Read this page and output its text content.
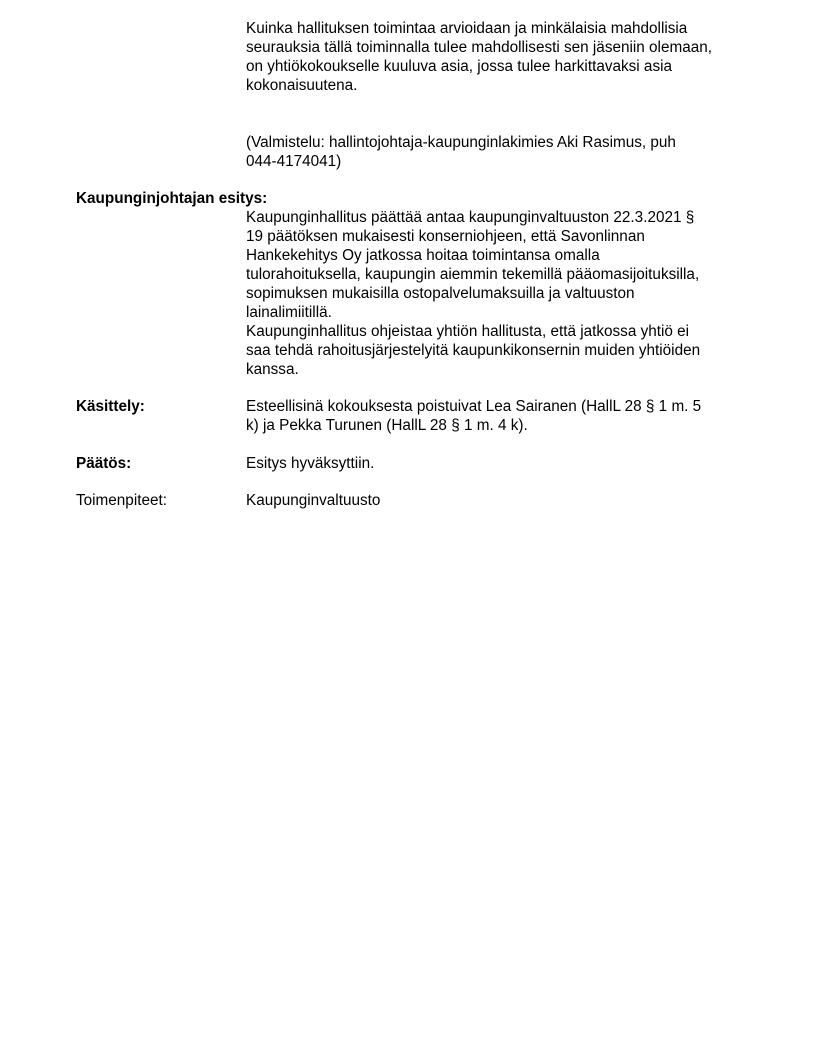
Kuinka hallituksen toimintaa arvioidaan ja minkälaisia mahdollisia
seurauksia tällä toiminnalla tulee mahdollisesti sen jäseniin olemaan,
on yhtiökokoukselle kuuluva asia, jossa tulee harkittavaksi asia
kokonaisuutena.
(Valmistelu: hallintojohtaja-kaupunginlakimies Aki Rasimus, puh
044-4174041)
Kaupunginjohtajan esitys:
Kaupunginhallitus päättää antaa kaupunginvaltuuston 22.3.2021 §
19 päätöksen mukaisesti konserniohjeen, että Savonlinnan
Hankekehitys Oy jatkossa hoitaa toimintansa omalla
tulorahoituksella, kaupungin aiemmin tekemillä pääomasijoituksilla,
sopimuksen mukaisilla ostopalvelumaksuilla ja valtuuston
lainalimiitillä.
Kaupunginhallitus ohjeistaa yhtiön hallitusta, että jatkossa yhtiö ei
saa tehdä rahoitusjärjestelyitä kaupunkikonsernin muiden yhtiöiden
kanssa.
Käsittely:	Esteellisinä kokouksesta poistuivat Lea Sairanen (HallL 28 § 1 m. 5
k) ja Pekka Turunen (HallL 28 § 1 m. 4 k).
Päätös:	Esitys hyväksyttiin.
Toimenpiteet:	Kaupunginvaltuusto
